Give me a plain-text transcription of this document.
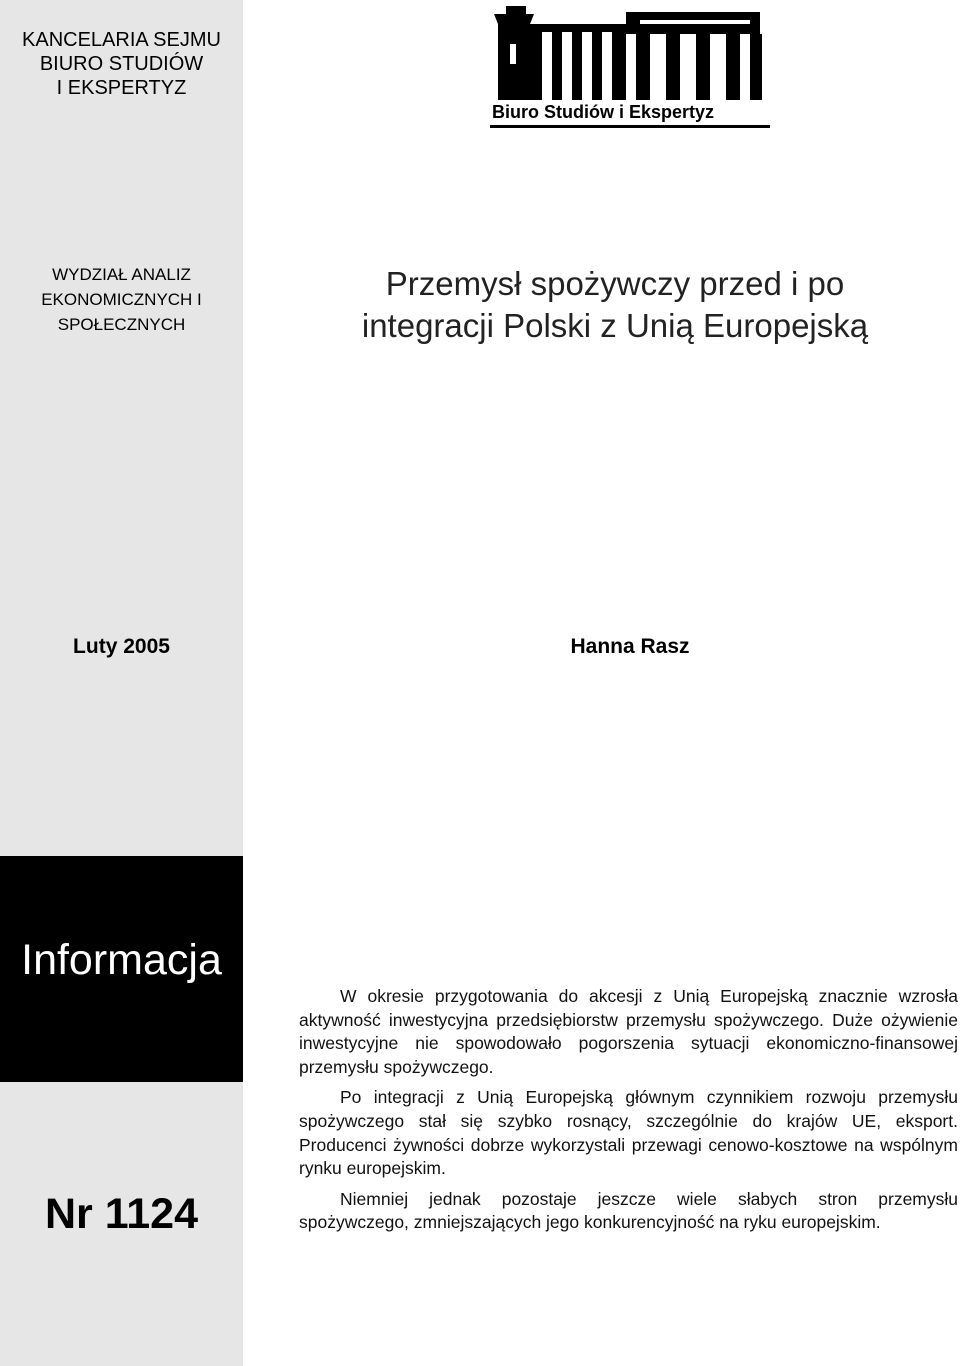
KANCELARIA SEJMU
BIURO STUDIÓW
I EKSPERTYZ
WYDZIAŁ ANALIZ
EKONOMICZNYCH I
SPOŁECZNYCH
Luty 2005
Informacja
Nr 1124
Biuro Studiów i Ekspertyz
Przemysł spożywczy przed i po
integracji Polski z Unią Europejską
Hanna Rasz

W okresie przygotowania do akcesji z Unią Europejską znacznie wzrosła aktywność inwestycyjna przedsiębiorstw przemysłu spożywczego. Duże ożywienie inwestycyjne nie spowodowało pogorszenia sytuacji ekonomiczno-finansowej przemysłu spożywczego.

Po integracji z Unią Europejską głównym czynnikiem rozwoju przemysłu spożywczego stał się szybko rosnący, szczególnie do krajów UE, eksport. Producenci żywności dobrze wykorzystali przewagi cenowo-kosztowe na wspólnym rynku europejskim.

Niemniej jednak pozostaje jeszcze wiele słabych stron przemysłu spożywczego, zmniejszających jego konkurencyjność na ryku europejskim.
